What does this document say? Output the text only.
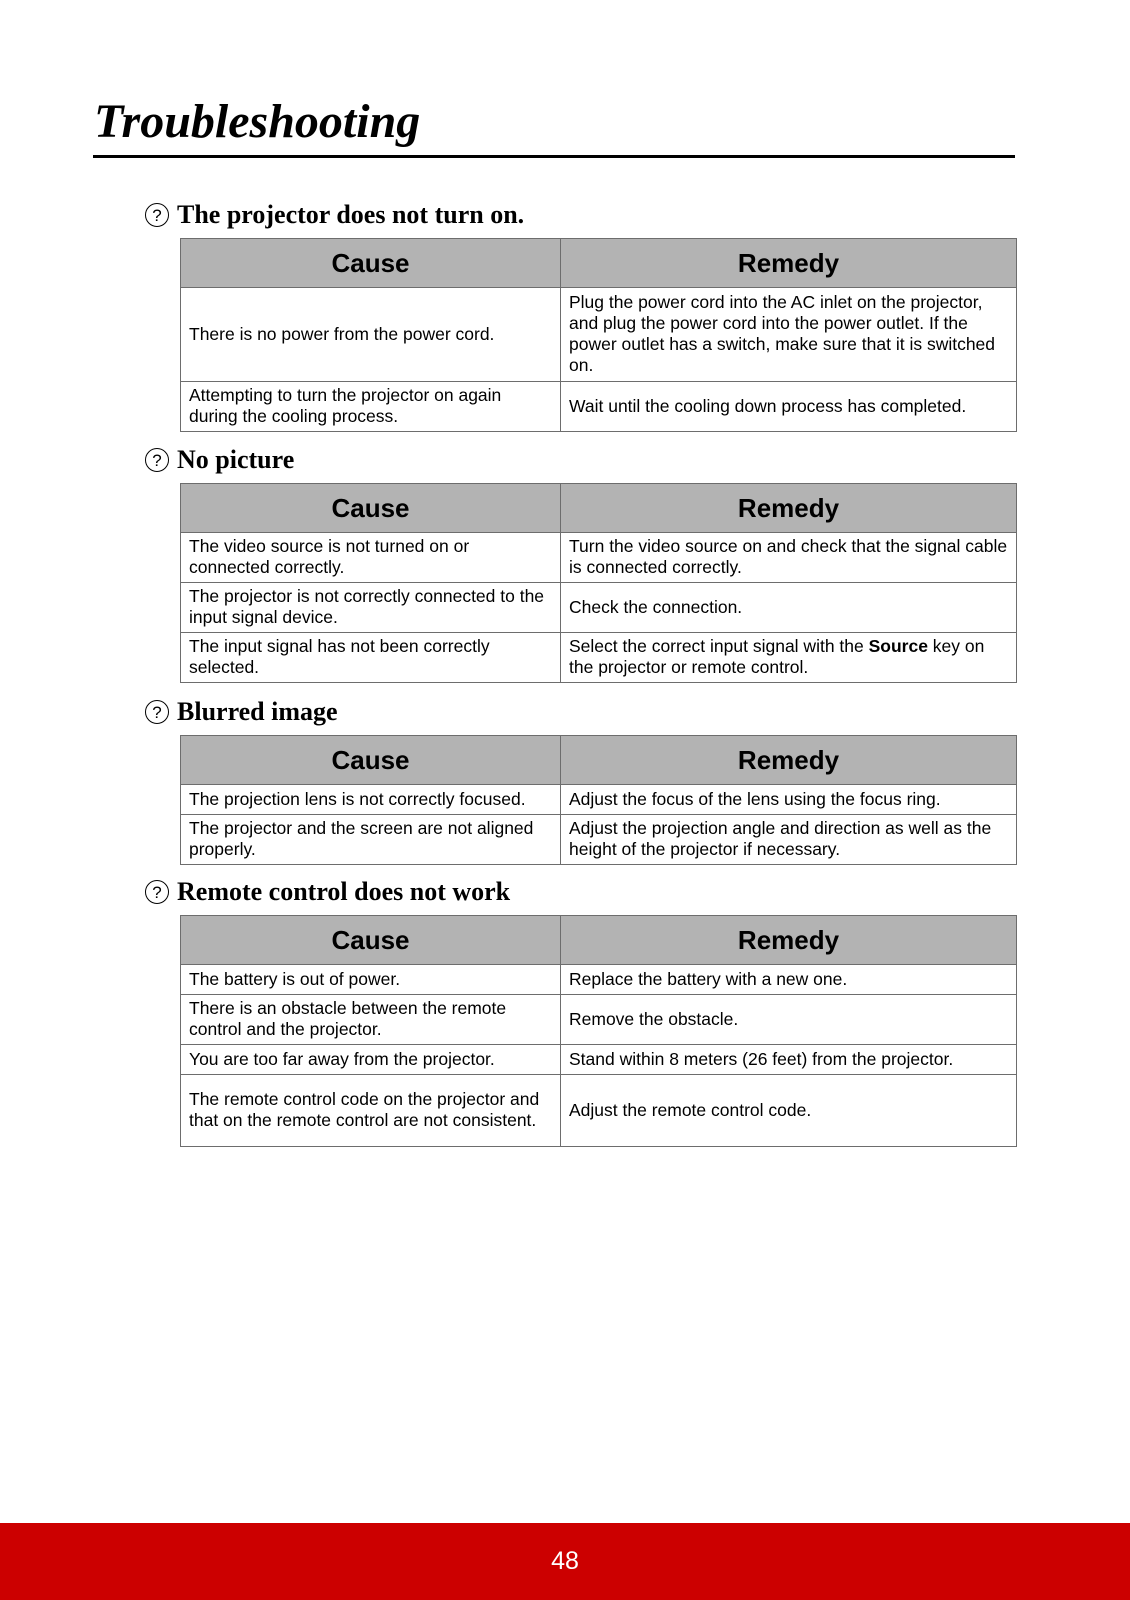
Troubleshooting
? The projector does not turn on.
Cause	Remedy
There is no power from the power cord.	Plug the power cord into the AC inlet on the projector, and plug the power cord into the power outlet. If the power outlet has a switch, make sure that it is switched on.
Attempting to turn the projector on again during the cooling process.	Wait until the cooling down process has completed.
? No picture
Cause	Remedy
The video source is not turned on or connected correctly.	Turn the video source on and check that the signal cable is connected correctly.
The projector is not correctly connected to the input signal device.	Check the connection.
The input signal has not been correctly selected.	Select the correct input signal with the Source key on the projector or remote control.
? Blurred image
Cause	Remedy
The projection lens is not correctly focused.	Adjust the focus of the lens using the focus ring.
The projector and the screen are not aligned properly.	Adjust the projection angle and direction as well as the height of the projector if necessary.
? Remote control does not work
Cause	Remedy
The battery is out of power.	Replace the battery with a new one.
There is an obstacle between the remote control and the projector.	Remove the obstacle.
You are too far away from the projector.	Stand within 8 meters (26 feet) from the projector.
The remote control code on the projector and that on the remote control are not consistent.	Adjust the remote control code.
48
